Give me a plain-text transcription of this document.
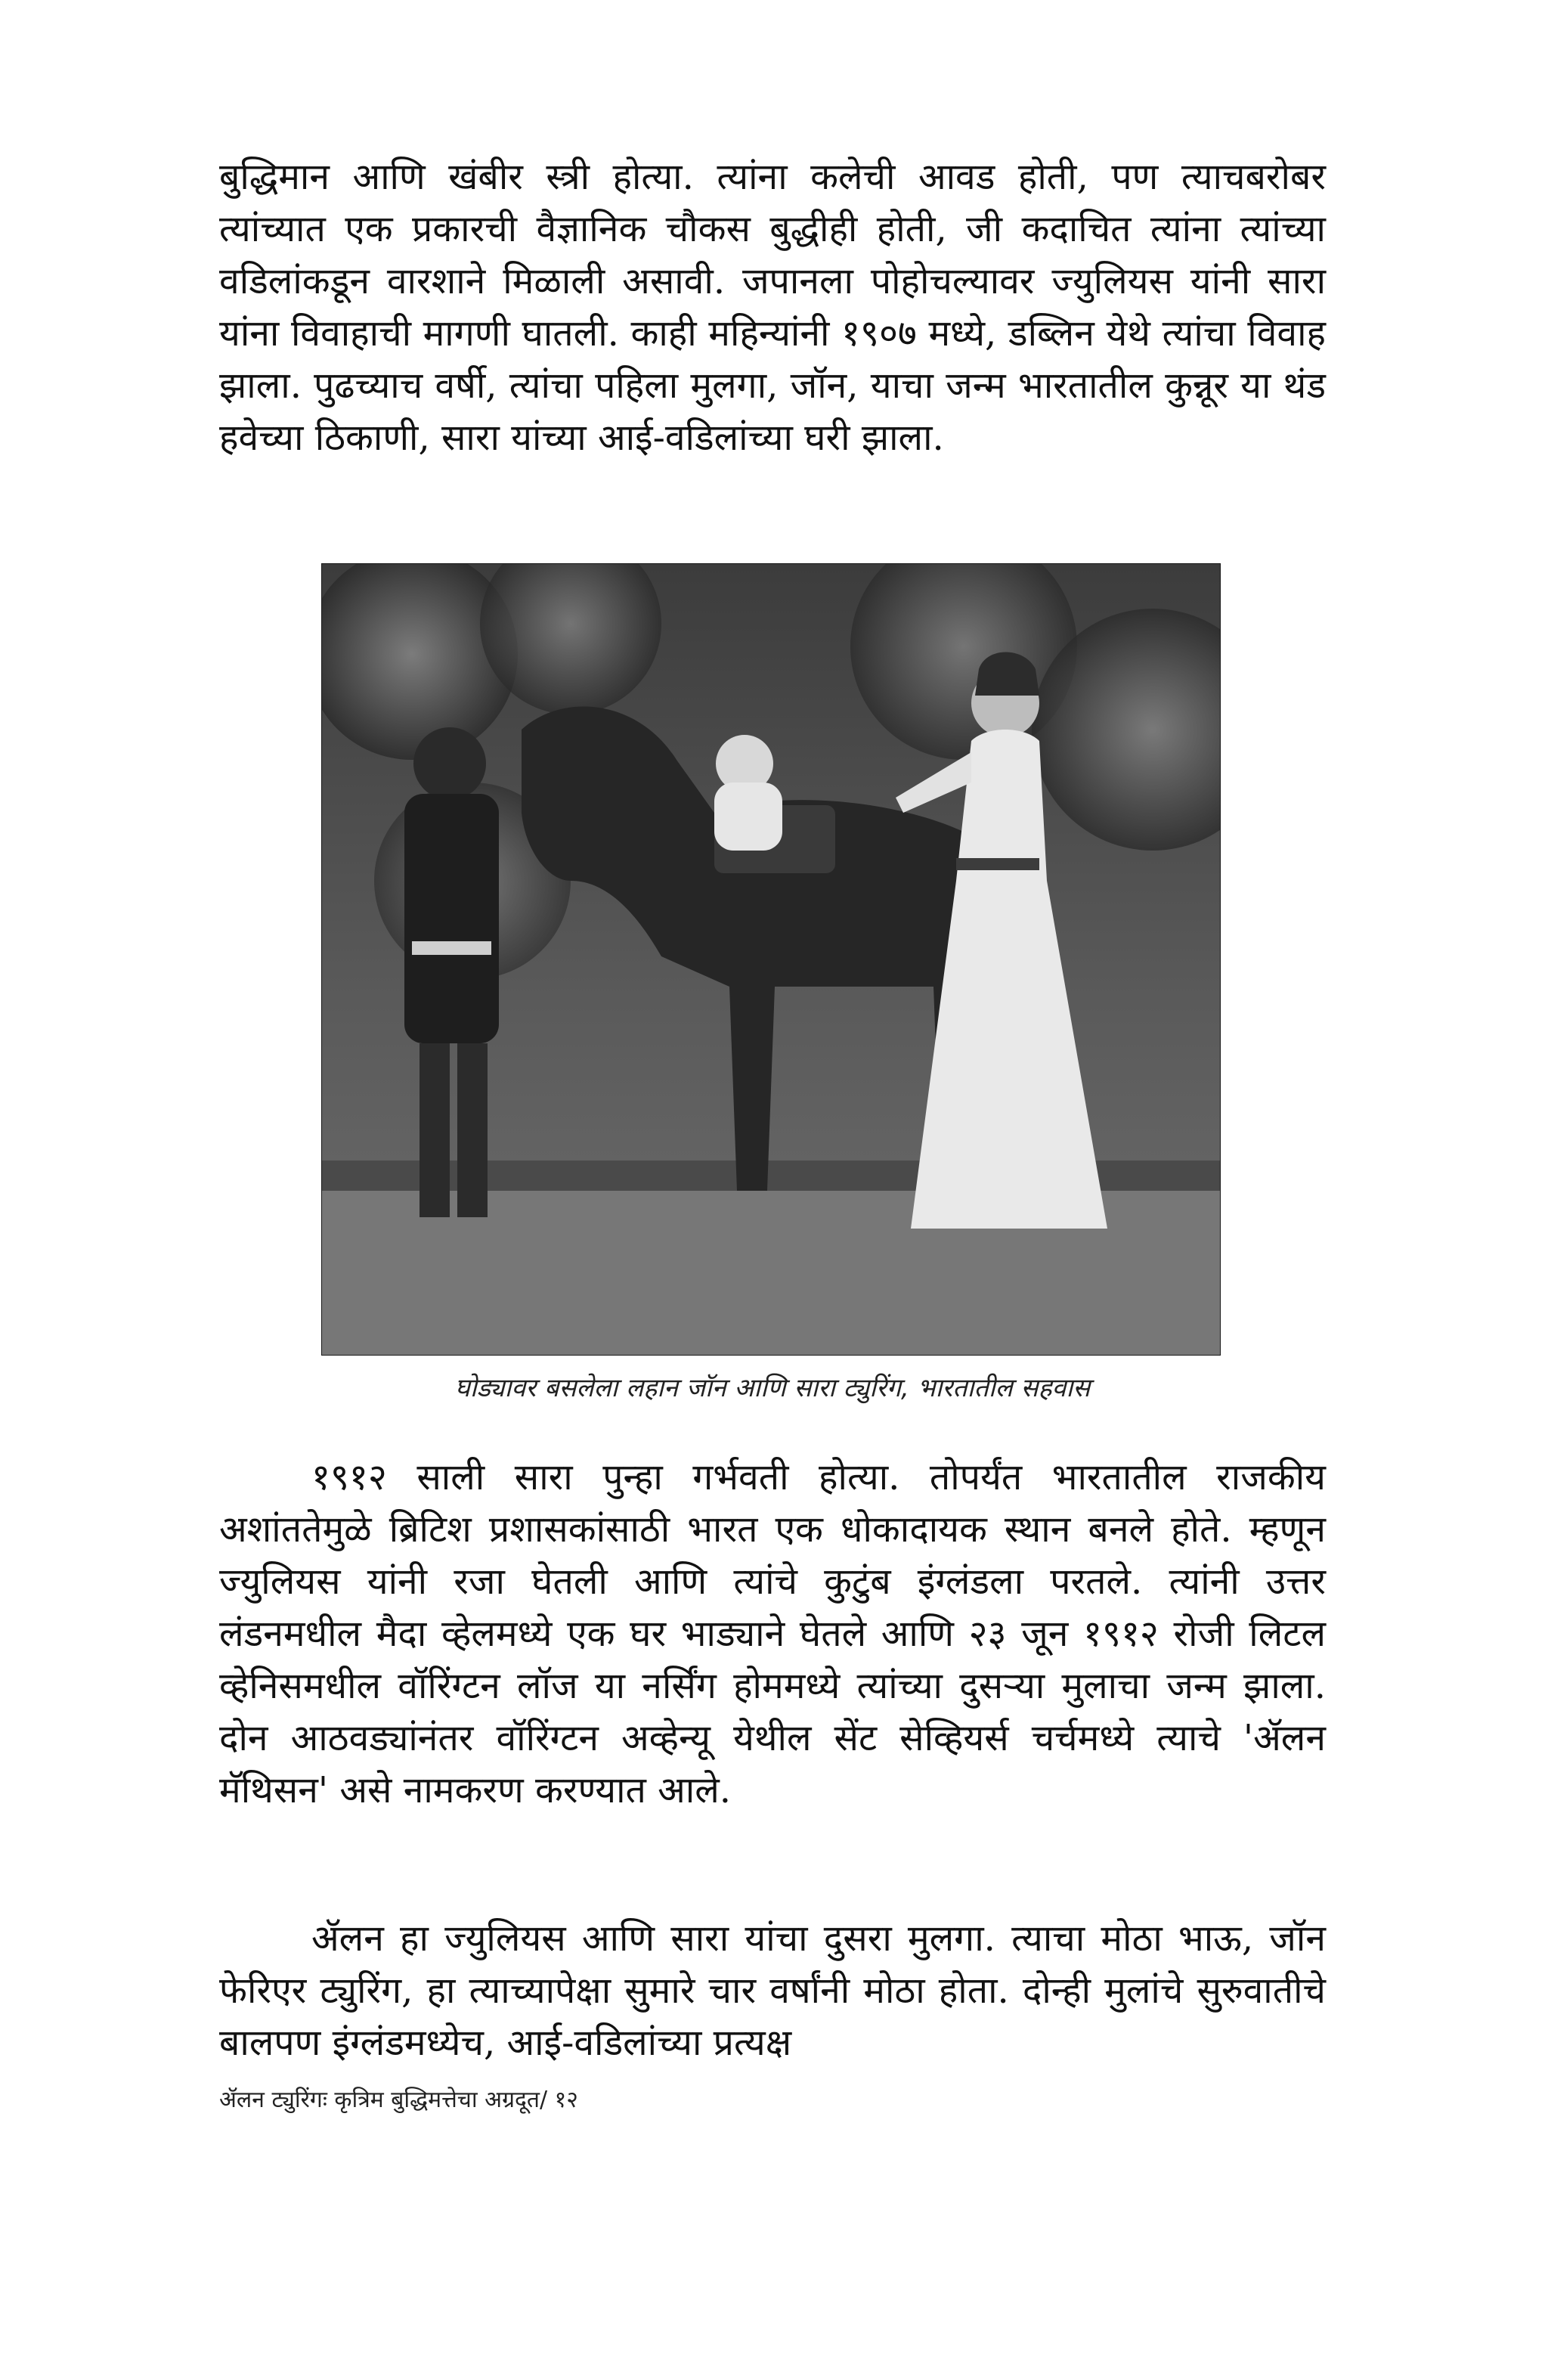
बुद्धिमान आणि खंबीर स्त्री होत्या. त्यांना कलेची आवड होती, पण त्याचबरोबर त्यांच्यात एक प्रकारची वैज्ञानिक चौकस बुद्धीही होती, जी कदाचित त्यांना त्यांच्या वडिलांकडून वारशाने मिळाली असावी. जपानला पोहोचल्यावर ज्युलियस यांनी सारा यांना विवाहाची मागणी घातली. काही महिन्यांनी १९०७ मध्ये, डब्लिन येथे त्यांचा विवाह झाला. पुढच्याच वर्षी, त्यांचा पहिला मुलगा, जॉन, याचा जन्म भारतातील कुन्नूर या थंड हवेच्या ठिकाणी, सारा यांच्या आई-वडिलांच्या घरी झाला.

घोड्यावर बसलेला लहान जॉन आणि सारा ट्युरिंग, भारतातील सहवास

१९१२ साली सारा पुन्हा गर्भवती होत्या. तोपर्यंत भारतातील राजकीय अशांततेमुळे ब्रिटिश प्रशासकांसाठी भारत एक धोकादायक स्थान बनले होते. म्हणून ज्युलियस यांनी रजा घेतली आणि त्यांचे कुटुंब इंग्लंडला परतले. त्यांनी उत्तर लंडनमधील मैदा व्हेलमध्ये एक घर भाड्याने घेतले आणि २३ जून १९१२ रोजी लिटल व्हेनिसमधील वॉरिंग्टन लॉज या नर्सिंग होममध्ये त्यांच्या दुसऱ्या मुलाचा जन्म झाला. दोन आठवड्यांनंतर वॉरिंग्टन अव्हेन्यू येथील सेंट सेव्हियर्स चर्चमध्ये त्याचे 'ॲलन मॅथिसन' असे नामकरण करण्यात आले.

ॲलन हा ज्युलियस आणि सारा यांचा दुसरा मुलगा. त्याचा मोठा भाऊ, जॉन फेरिएर ट्युरिंग, हा त्याच्यापेक्षा सुमारे चार वर्षांनी मोठा होता. दोन्ही मुलांचे सुरुवातीचे बालपण इंग्लंडमध्येच, आई-वडिलांच्या प्रत्यक्ष

ॲलन ट्युरिंगः कृत्रिम बुद्धिमत्तेचा अग्रदूत/ १२
